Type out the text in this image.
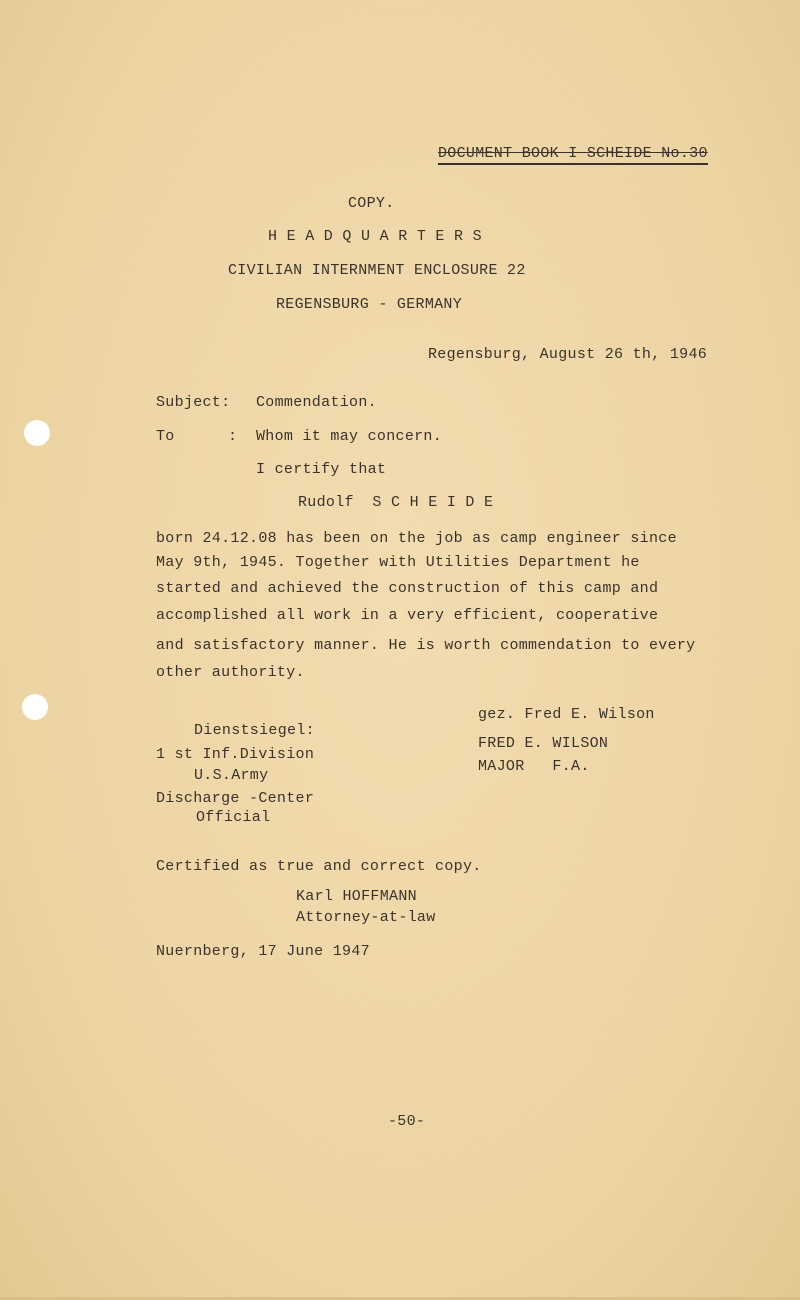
DOCUMENT BOOK I SCHEIDE No.30
COPY.
H E A D Q U A R T E R S
CIVILIAN INTERNMENT ENCLOSURE 22
REGENSBURG - GERMANY
Regensburg, August 26 th, 1946
Subject: Commendation.
To	: Whom it may concern.
I certify that
Rudolf  S C H E I D E
born 24.12.08 has been on the job as camp engineer since
May 9th, 1945. Together with Utilities Department he
started and achieved the construction of this camp and
accomplished all work in a very efficient, cooperative
and satisfactory manner. He is worth commendation to every
other authority.
Dienstsiegel:
1 st Inf.Division
U.S.Army
Discharge -Center
Official
gez. Fred E. Wilson
FRED E. WILSON
MAJOR   F.A.
Certified as true and correct copy.
Karl HOFFMANN
Attorney-at-law
Nuernberg, 17 June 1947
-50-
